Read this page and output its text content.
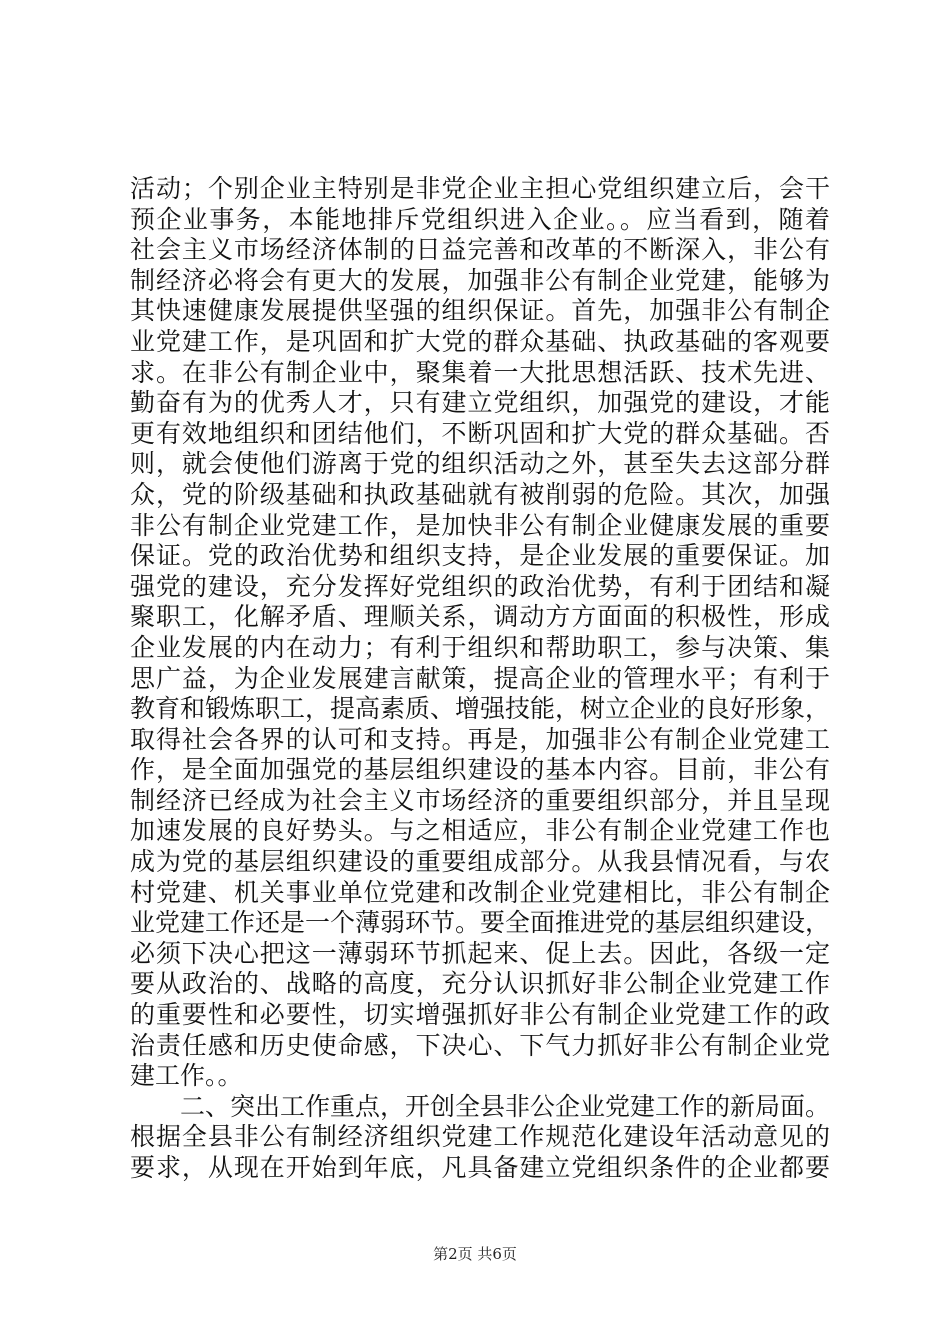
活动；个别企业主特别是非党企业主担心党组织建立后，会干
预企业事务，本能地排斥党组织进入企业。。应当看到，随着
社会主义市场经济体制的日益完善和改革的不断深入，非公有
制经济必将会有更大的发展，加强非公有制企业党建，能够为
其快速健康发展提供坚强的组织保证。首先，加强非公有制企
业党建工作，是巩固和扩大党的群众基础、执政基础的客观要
求。在非公有制企业中，聚集着一大批思想活跃、技术先进、
勤奋有为的优秀人才，只有建立党组织，加强党的建设，才能
更有效地组织和团结他们，不断巩固和扩大党的群众基础。否
则，就会使他们游离于党的组织活动之外，甚至失去这部分群
众，党的阶级基础和执政基础就有被削弱的危险。其次，加强
非公有制企业党建工作，是加快非公有制企业健康发展的重要
保证。党的政治优势和组织支持，是企业发展的重要保证。加
强党的建设，充分发挥好党组织的政治优势，有利于团结和凝
聚职工，化解矛盾、理顺关系，调动方方面面的积极性，形成
企业发展的内在动力；有利于组织和帮助职工，参与决策、集
思广益，为企业发展建言献策，提高企业的管理水平；有利于
教育和锻炼职工，提高素质、增强技能，树立企业的良好形象，
取得社会各界的认可和支持。再是，加强非公有制企业党建工
作，是全面加强党的基层组织建设的基本内容。目前，非公有
制经济已经成为社会主义市场经济的重要组织部分，并且呈现
加速发展的良好势头。与之相适应，非公有制企业党建工作也
成为党的基层组织建设的重要组成部分。从我县情况看，与农
村党建、机关事业单位党建和改制企业党建相比，非公有制企
业党建工作还是一个薄弱环节。要全面推进党的基层组织建设，
必须下决心把这一薄弱环节抓起来、促上去。因此，各级一定
要从政治的、战略的高度，充分认识抓好非公制企业党建工作
的重要性和必要性，切实增强抓好非公有制企业党建工作的政
治责任感和历史使命感，下决心、下气力抓好非公有制企业党
建工作。。
二、突出工作重点，开创全县非公企业党建工作的新局面。
根据全县非公有制经济组织党建工作规范化建设年活动意见的
要求，从现在开始到年底，凡具备建立党组织条件的企业都要
第2页 共6页
